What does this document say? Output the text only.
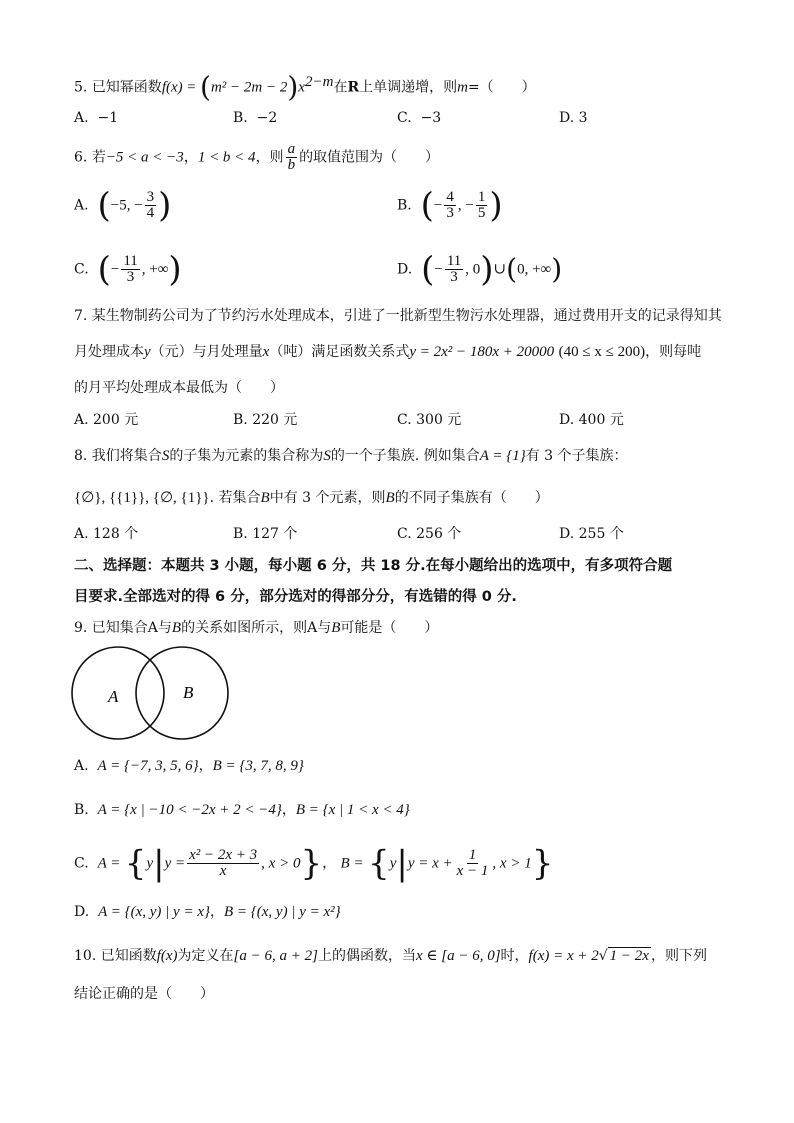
5. 已知幂函数$f(x) = (m^2 - 2m - 2)x^{2-m}$在R上单调递增，则m=（　　）
A. −1	B. −2	C. −3	D. 3
6. 若−5 < a < −3，1 < b < 4，则 $\frac{a}{b}$ 的取值范围为（　　）
A. (−5, − $\frac{3}{4}$ )	B. (− $\frac{4}{3}$ , − $\frac{1}{5}$ )
C. (− $\frac{11}{3}$ , +∞)	D. (− $\frac{11}{3}$ , 0)∪(0, +∞)
7. 某生物制药公司为了节约污水处理成本，引进了一批新型生物污水处理器，通过费用开支的记录得知其
月处理成本y（元）与月处理量x（吨）满足函数关系式y = 2x² − 180x + 20000 (40 ≤ x ≤ 200)，则每吨
的月平均处理成本最低为（　　）
A. 200 元	B. 220 元	C. 300 元	D. 400 元
8. 我们将集合S的子集为元素的集合称为S的一个子集族. 例如集合A = {1}有 3 个子集族：
{∅}, {{1}}, {∅, {1}}. 若集合B中有 3 个元素，则B的不同子集族有（　　）
A. 128 个	B. 127 个	C. 256 个	D. 255 个
二、选择题：本题共 3 小题，每小题 6 分，共 18 分.在每小题给出的选项中，有多项符合题
目要求.全部选对的得 6 分，部分选对的得部分分，有选错的得 0 分.
9. 已知集合A与B的关系如图所示，则A与B可能是（　　）
A	B
A. A = {−7, 3, 5, 6}，B = {3, 7, 8, 9}
B. A = {x | −10 < −2x + 2 < −4}，B = {x | 1 < x < 4}
C. $A = \{y|y = \frac{\text{x² − 2x + 3}}{x}$ , x > 0}， $B = \{y|y = x + \frac{1}{x - 1}$ , x > 1}
D. A = {(x, y) | y = x}，B = {(x, y) | y = x²}
10. 已知函数f(x)为定义在[a − 6, a + 2]上的偶函数，当x ∈ [a − 6, 0]时，f(x) = x + 2√ 1 − 2x ，则下列
结论正确的是（　　）
